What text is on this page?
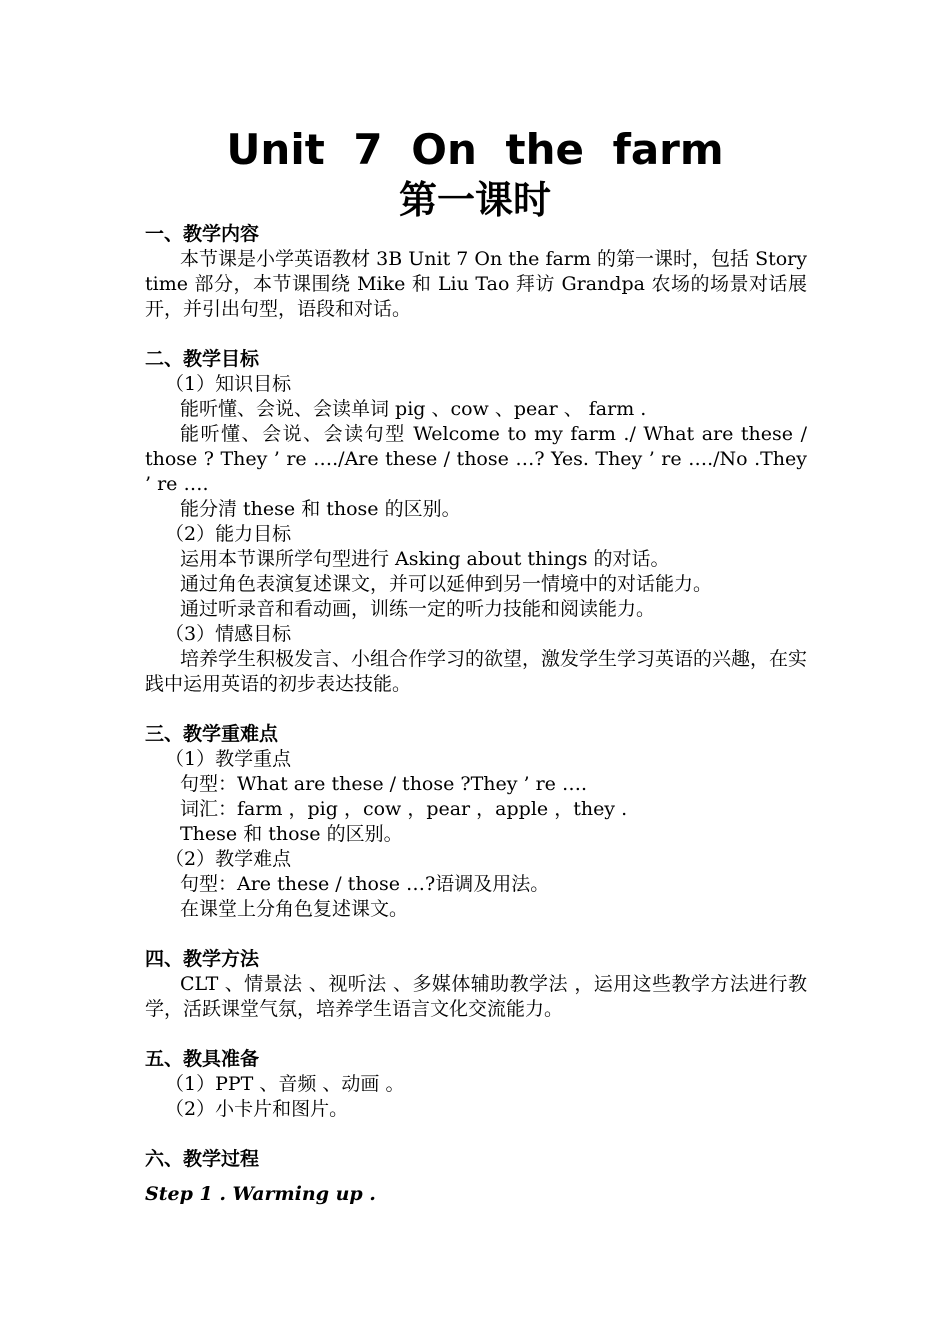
Unit 7 On the farm
第一课时

一、教学内容

本节课是小学英语教材 3B Unit 7 On the farm 的第一课时，包括 Story time 部分，本节课围绕 Mike 和 Liu Tao 拜访 Grandpa 农场的场景对话展开，并引出句型，语段和对话。

二、教学目标

（1）知识目标

能听懂、会说、会读单词 pig 、cow 、pear 、 farm .

能听懂、会说、会读句型 Welcome to my farm ./ What are these / those ? They ’ re …./Are these / those …? Yes. They ’ re …./No .They ’ re ….

能分清 these 和 those 的区别。

（2）能力目标

运用本节课所学句型进行 Asking about things 的对话。

通过角色表演复述课文，并可以延伸到另一情境中的对话能力。

通过听录音和看动画，训练一定的听力技能和阅读能力。

（3）情感目标

培养学生积极发言、小组合作学习的欲望，激发学生学习英语的兴趣，在实践中运用英语的初步表达技能。

三、教学重难点

（1）教学重点

句型：What are these / those ?They ’ re ….

词汇：farm ，pig ，cow ，pear ，apple ，they .

These 和 those 的区别。

（2）教学难点

句型：Are these / those …?语调及用法。

在课堂上分角色复述课文。

四、教学方法

CLT 、情景法 、视听法 、多媒体辅助教学法 ，运用这些教学方法进行教学，活跃课堂气氛，培养学生语言文化交流能力。

五、教具准备

（1）PPT 、音频 、动画 。

（2）小卡片和图片。

六、教学过程

Step 1 . Warming up .
